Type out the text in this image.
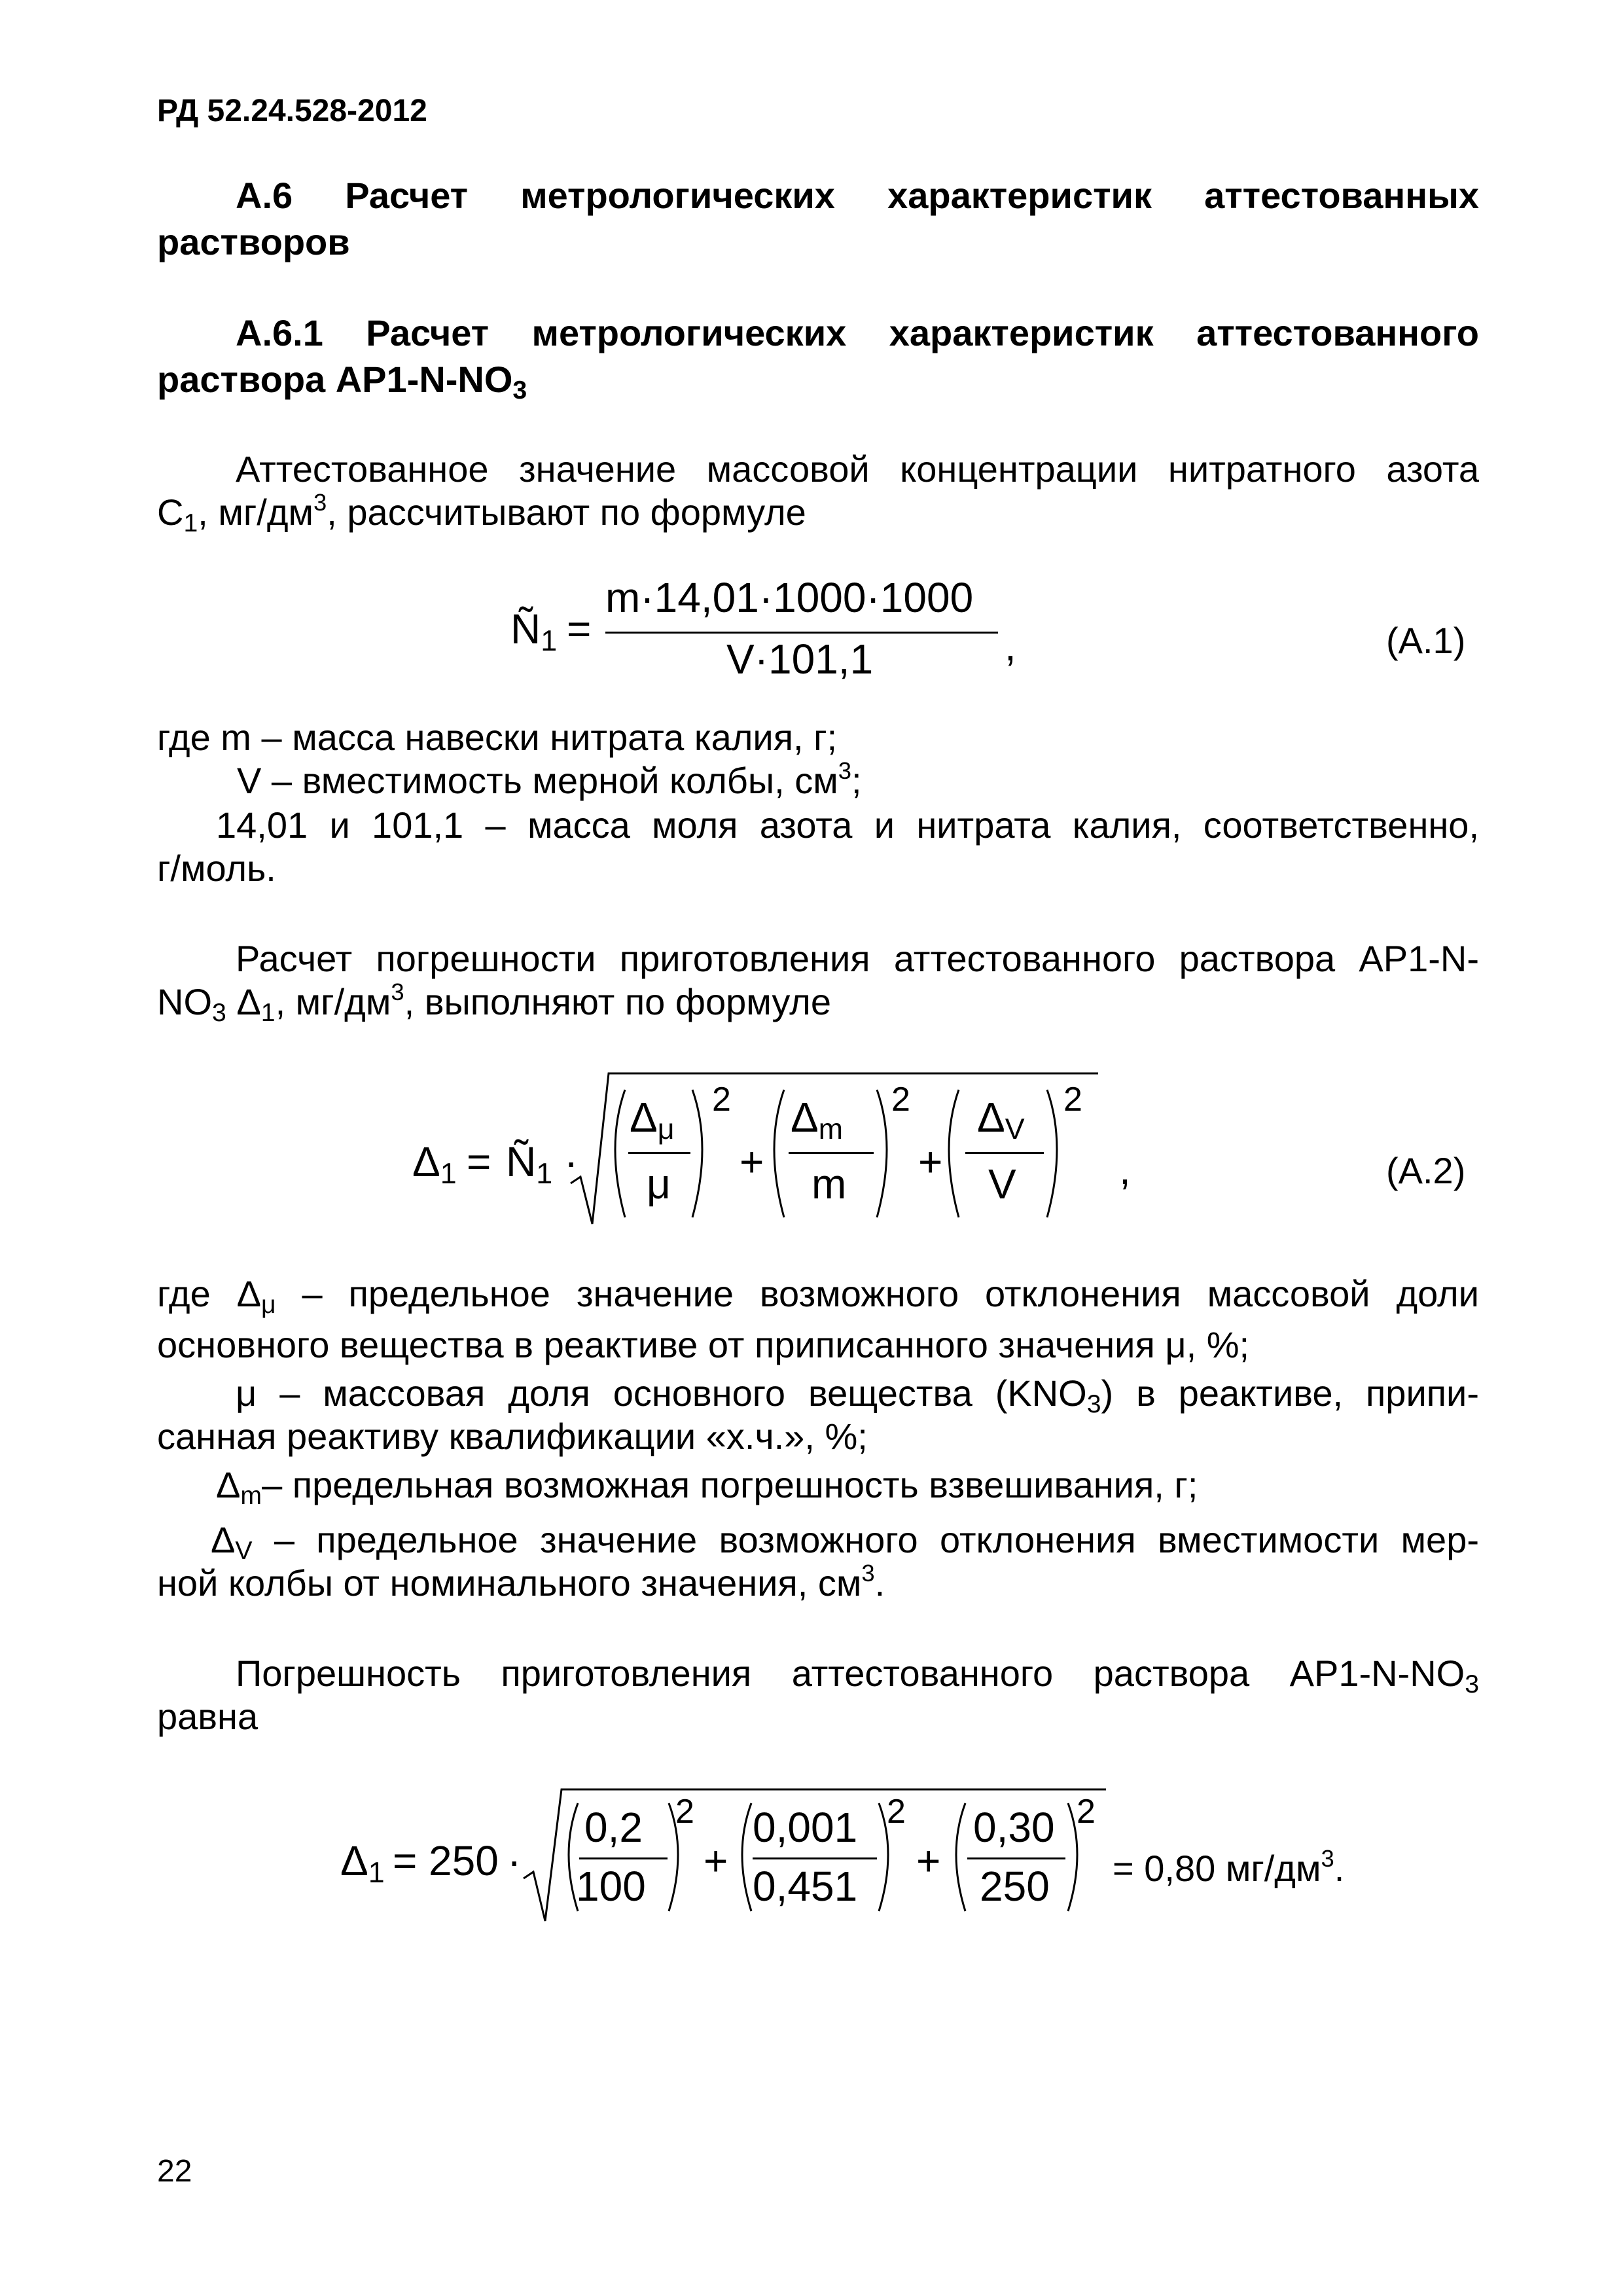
РД 52.24.528-2012
А.6 Расчет метрологических характеристик аттестованных
растворов
А.6.1 Расчет метрологических характеристик аттестованного
раствора $АР1-N-NO_3$
Аттестованное значение массовой концентрации нитратного азота
$С_1$, $мг/дм^3$, рассчитывают по формуле
$Ñ_1$ =
m·14,01·1000·1000
V·101,1	,	(А.1)
где m – масса навески нитрата калия, г;
V – вместимость мерной колбы, $см^3$;
14,01 и 101,1 – масса моля азота и нитрата калия, соответственно,
г/моль.
Расчет погрешности приготовления аттестованного раствора АР1-N-
$NO_3$ $\Delta_1$, $мг/дм^3$, выполняют по формуле
$\Delta_1$ = $Ñ_1$ ·
$\Delta_\mu$
μ
2
+
$\Delta_m$
m
2
+
$\Delta_V$
V
2
,	(А.2)
где $\Delta_\mu$ – предельное значение возможного отклонения массовой доли
основного вещества в реактиве от приписанного значения μ, %;
μ – массовая доля основного вещества $(KNO_3)$ в реактиве, припи-
санная реактиву квалификации «х.ч.», %;
$\Delta_m-$ предельная возможная погрешность взвешивания, г;
$\Delta_V$ – предельное значение возможного отклонения вместимости мер-
ной колбы от номинального значения, $см^3$.
Погрешность приготовления аттестованного раствора $АР1-N-NO_3$
равна
$\Delta_1 = 250$ ·
0,2
100
2
+
0,001
0,451
2
+
0,30
250
2
= 0,80 $мг/дм^3$.
22
